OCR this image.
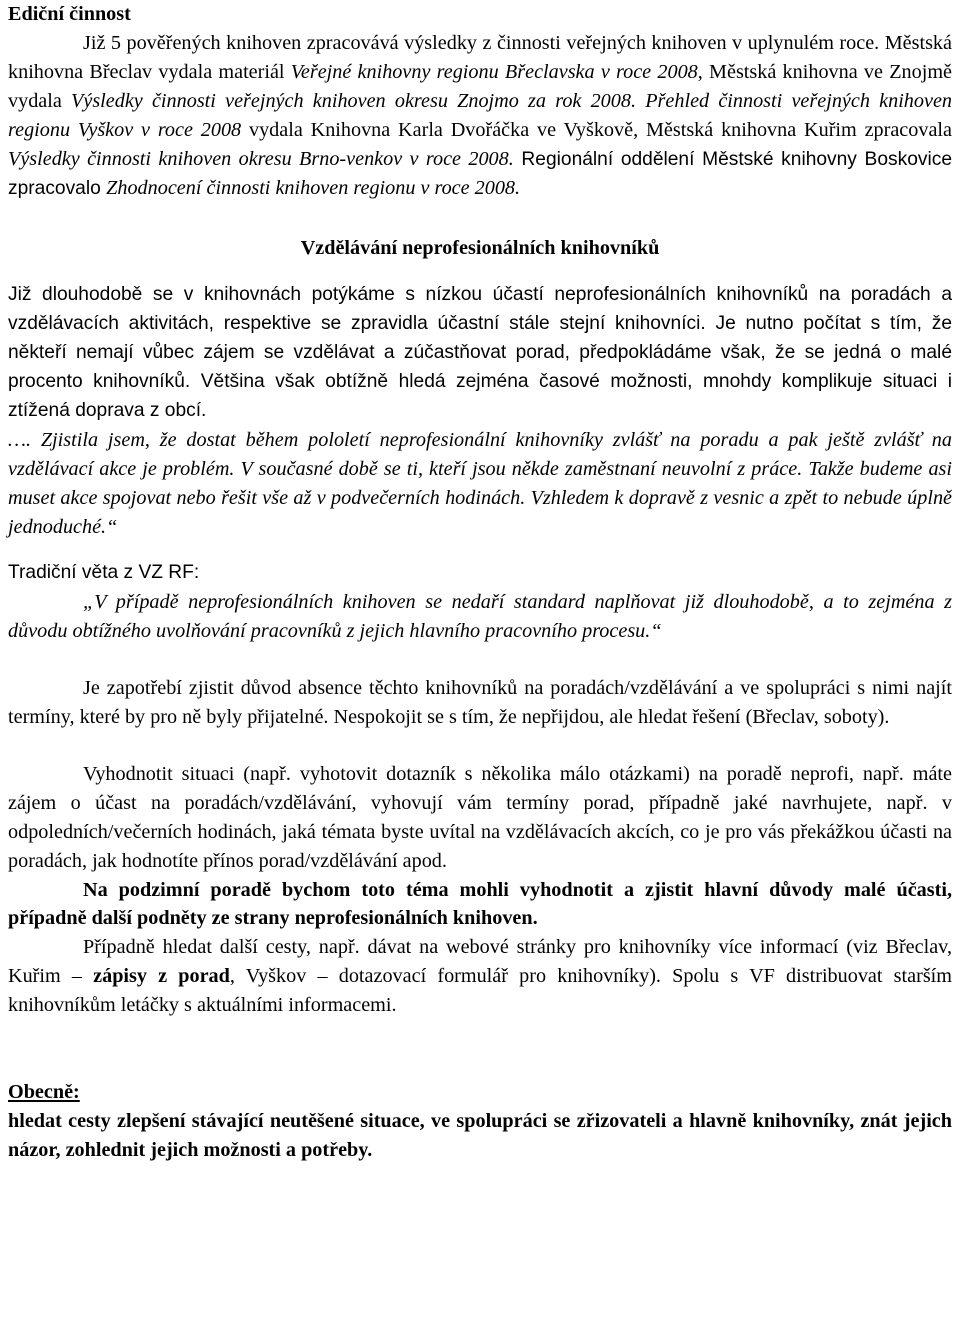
Ediční činnost

Již 5 pověřených knihoven zpracovává výsledky z činnosti veřejných knihoven v uplynulém roce. Městská knihovna Břeclav vydala materiál Veřejné knihovny regionu Břeclavska v roce 2008, Městská knihovna ve Znojmě vydala Výsledky činnosti veřejných knihoven okresu Znojmo za rok 2008. Přehled činnosti veřejných knihoven regionu Vyškov v roce 2008 vydala Knihovna Karla Dvořáčka ve Vyškově, Městská knihovna Kuřim zpracovala Výsledky činnosti knihoven okresu Brno-venkov v roce 2008. Regionální oddělení Městské knihovny Boskovice zpracovalo Zhodnocení činnosti knihoven regionu v roce 2008.

Vzdělávání neprofesionálních knihovníků

Již dlouhodobě se v knihovnách potýkáme s nízkou účastí neprofesionálních knihovníků na poradách a vzdělávacích aktivitách, respektive se zpravidla účastní stále stejní knihovníci. Je nutno počítat s tím, že někteří nemají vůbec zájem se vzdělávat a zúčastňovat porad, předpokládáme však, že se jedná o malé procento knihovníků. Většina však obtížně hledá zejména časové možnosti, mnohdy komplikuje situaci i ztížená doprava z obcí.

…. Zjistila jsem, že dostat během pololetí neprofesionální knihovníky zvlášť na poradu a pak ještě zvlášť na vzdělávací akce je problém. V současné době se ti, kteří jsou někde zaměstnaní neuvolní z práce. Takže budeme asi muset akce spojovat nebo řešit vše až v podvečerních hodinách. Vzhledem k dopravě z vesnic a zpět to nebude úplně jednoduché.“

Tradiční věta z VZ RF:

„V případě neprofesionálních knihoven se nedaří standard naplňovat již dlouhodobě, a to zejména z důvodu obtížného uvolňování pracovníků z jejich hlavního pracovního procesu.“

Je zapotřebí zjistit důvod absence těchto knihovníků na poradách/vzdělávání a ve spolupráci s nimi najít termíny, které by pro ně byly přijatelné. Nespokojit se s tím, že nepřijdou, ale hledat řešení (Břeclav, soboty).

Vyhodnotit situaci (např. vyhotovit dotazník s několika málo otázkami) na poradě neprofi, např. máte zájem o účast na poradách/vzdělávání, vyhovují vám termíny porad, případně jaké navrhujete, např. v odpoledních/večerních hodinách, jaká témata byste uvítal na vzdělávacích akcích, co je pro vás překážkou účasti na poradách, jak hodnotíte přínos porad/vzdělávání apod.

Na podzimní poradě bychom toto téma mohli vyhodnotit a zjistit hlavní důvody malé účasti, případně další podněty ze strany neprofesionálních knihoven.

Případně hledat další cesty, např. dávat na webové stránky pro knihovníky více informací (viz Břeclav, Kuřim – zápisy z porad, Vyškov – dotazovací formulář pro knihovníky). Spolu s VF distribuovat starším knihovníkům letáčky s aktuálními informacemi.

Obecně:

hledat cesty zlepšení stávající neutěšené situace, ve spolupráci se zřizovateli a hlavně knihovníky, znát jejich názor, zohlednit jejich možnosti a potřeby.
